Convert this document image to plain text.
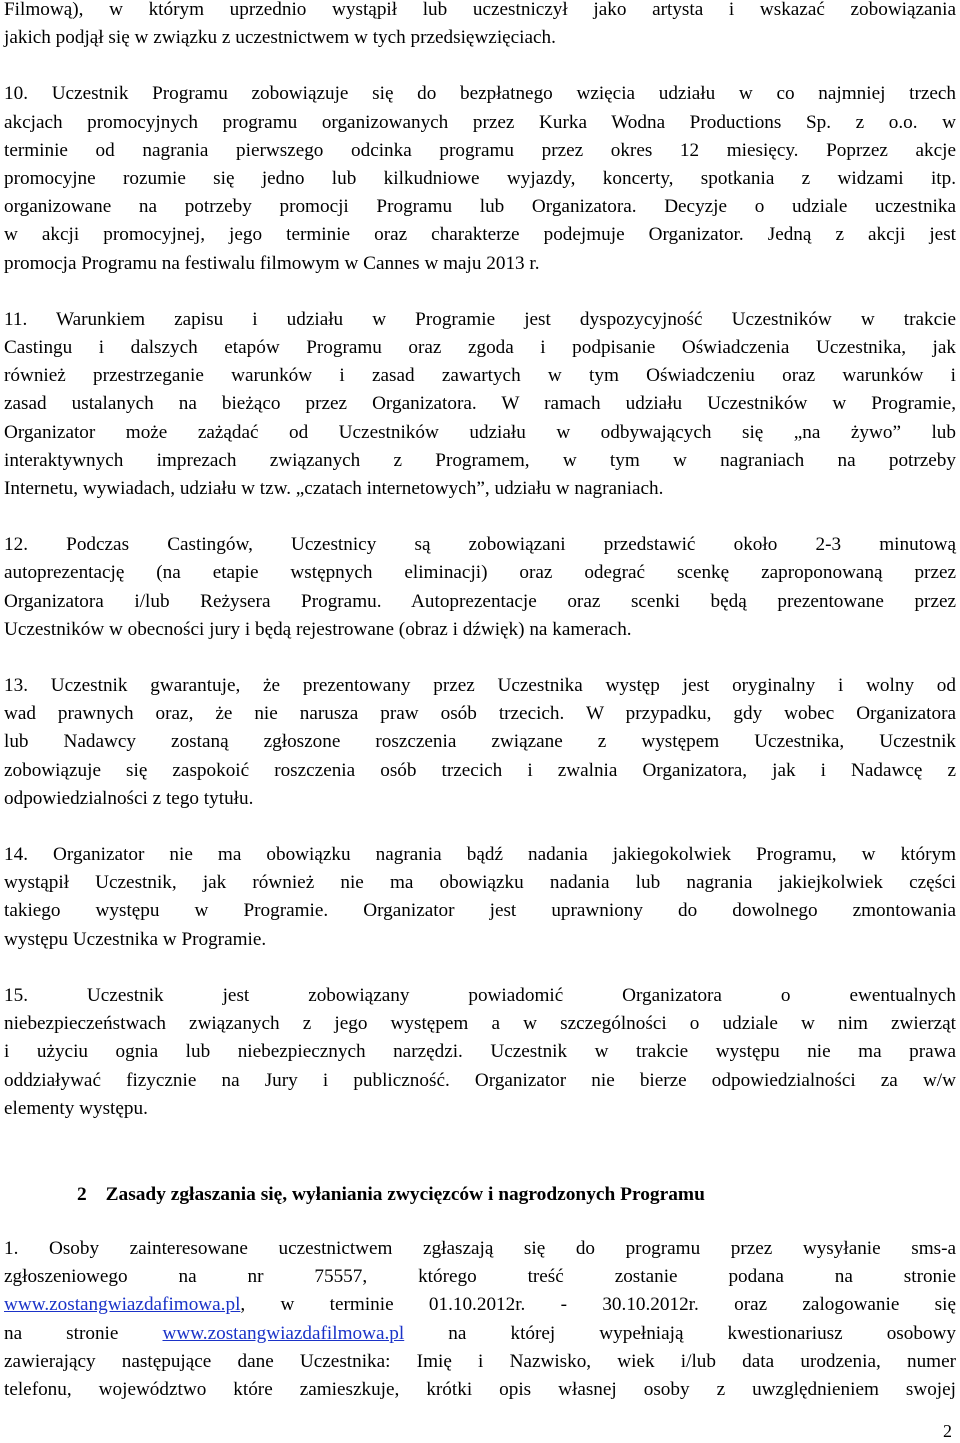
Filmową), w którym uprzednio wystąpił lub uczestniczył jako artysta i wskazać zobowiązania
jakich podjął się w związku z uczestnictwem w tych przedsięwzięciach.

10. Uczestnik Programu zobowiązuje się do bezpłatnego wzięcia udziału w co najmniej trzech
akcjach promocyjnych programu organizowanych przez Kurka Wodna Productions Sp. z o.o. w
terminie od nagrania pierwszego odcinka programu przez okres 12 miesięcy. Poprzez akcje
promocyjne rozumie się jedno lub kilkudniowe wyjazdy, koncerty, spotkania z widzami itp.
organizowane na potrzeby promocji Programu lub Organizatora. Decyzje o udziale uczestnika
w akcji promocyjnej, jego terminie oraz charakterze podejmuje Organizator. Jedną z akcji jest
promocja Programu na festiwalu filmowym w Cannes w maju 2013 r.

11. Warunkiem zapisu i udziału w Programie jest dyspozycyjność Uczestników w trakcie
Castingu i dalszych etapów Programu oraz zgoda i podpisanie Oświadczenia Uczestnika, jak
również przestrzeganie warunków i zasad zawartych w tym Oświadczeniu oraz warunków i
zasad ustalanych na bieżąco przez Organizatora. W ramach udziału Uczestników w Programie,
Organizator może zażądać od Uczestników udziału w odbywających się „na żywo” lub
interaktywnych imprezach związanych z Programem, w tym w nagraniach na potrzeby
Internetu, wywiadach, udziału w tzw. „czatach internetowych”, udziału w nagraniach.

12. Podczas Castingów, Uczestnicy są zobowiązani przedstawić około 2-3 minutową
autoprezentację (na etapie wstępnych eliminacji) oraz odegrać scenkę zaproponowaną przez
Organizatora i/lub Reżysera Programu. Autoprezentacje oraz scenki będą prezentowane przez
Uczestników w obecności jury i będą rejestrowane (obraz i dźwięk) na kamerach.

13. Uczestnik gwarantuje, że prezentowany przez Uczestnika występ jest oryginalny i wolny od
wad prawnych oraz, że nie narusza praw osób trzecich. W przypadku, gdy wobec Organizatora
lub Nadawcy zostaną zgłoszone roszczenia związane z występem Uczestnika, Uczestnik
zobowiązuje się zaspokoić roszczenia osób trzecich i zwalnia Organizatora, jak i Nadawcę z
odpowiedzialności z tego tytułu.

14. Organizator nie ma obowiązku nagrania bądź nadania jakiegokolwiek Programu, w którym
wystąpił Uczestnik, jak również nie ma obowiązku nadania lub nagrania jakiejkolwiek części
takiego występu w Programie. Organizator jest uprawniony do dowolnego zmontowania
występu Uczestnika w Programie.

15. Uczestnik jest zobowiązany powiadomić Organizatora o ewentualnych
niebezpieczeństwach związanych z jego występem a w szczególności o udziale w nim zwierząt
i użyciu ognia lub niebezpiecznych narzędzi. Uczestnik w trakcie występu nie ma prawa
oddziaływać fizycznie na Jury i publiczność. Organizator nie bierze odpowiedzialności za w/w
elementy występu.

2 Zasady zgłaszania się, wyłaniania zwycięzców i nagrodzonych Programu

1. Osoby zainteresowane uczestnictwem zgłaszają się do programu przez wysyłanie sms-a
zgłoszeniowego na nr 75557, którego treść zostanie podana na stronie
www.zostangwiazdafimowa.pl, w terminie 01.10.2012r. - 30.10.2012r. oraz zalogowanie się
na stronie www.zostangwiazdafilmowa.pl na której wypełniają kwestionariusz osobowy
zawierający następujące dane Uczestnika: Imię i Nazwisko, wiek i/lub data urodzenia, numer
telefonu, województwo które zamieszkuje, krótki opis własnej osoby z uwzględnieniem swojej

2
